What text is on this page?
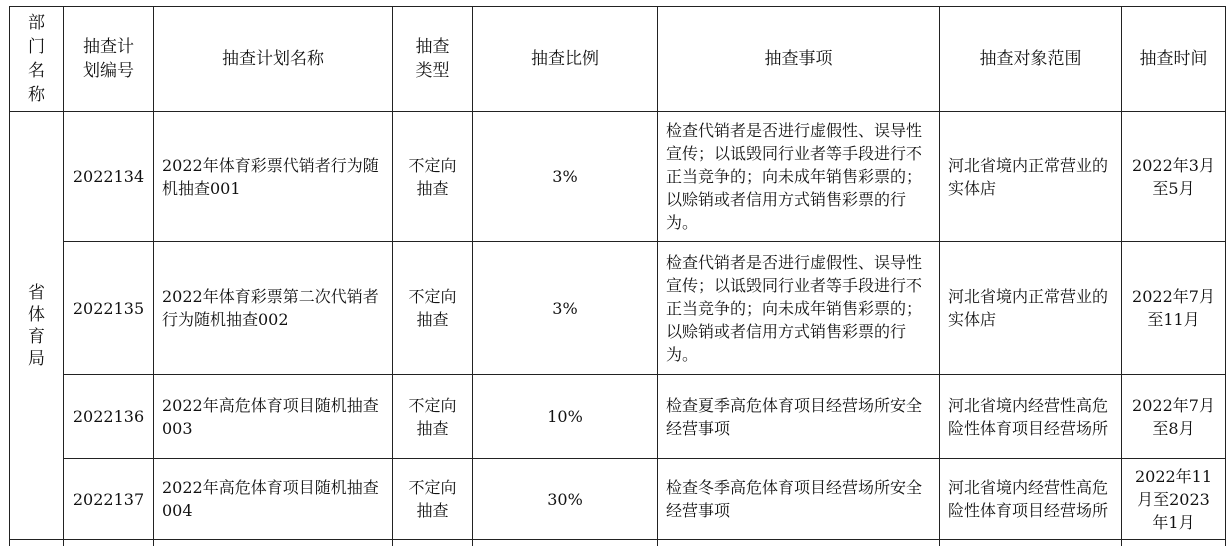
部门名称	抽查计划编号	抽查计划名称	抽查类型	抽查比例	抽查事项	抽查对象范围	抽查时间
省体育局	2022134	2022年体育彩票代销者行为随机抽查001	不定向抽查	3%	检查代销者是否进行虚假性、误导性宣传；以诋毁同行业者等手段进行不正当竞争的；向未成年销售彩票的；以赊销或者信用方式销售彩票的行为。	河北省境内正常营业的实体店	2022年3月至5月
	2022135	2022年体育彩票第二次代销者行为随机抽查002	不定向抽查	3%	检查代销者是否进行虚假性、误导性宣传；以诋毁同行业者等手段进行不正当竞争的；向未成年销售彩票的；以赊销或者信用方式销售彩票的行为。	河北省境内正常营业的实体店	2022年7月至11月
	2022136	2022年高危体育项目随机抽查003	不定向抽查	10%	检查夏季高危体育项目经营场所安全经营事项	河北省境内经营性高危险性体育项目经营场所	2022年7月至8月
	2022137	2022年高危体育项目随机抽查004	不定向抽查	30%	检查冬季高危体育项目经营场所安全经营事项	河北省境内经营性高危险性体育项目经营场所	2022年11月至2023年1月
